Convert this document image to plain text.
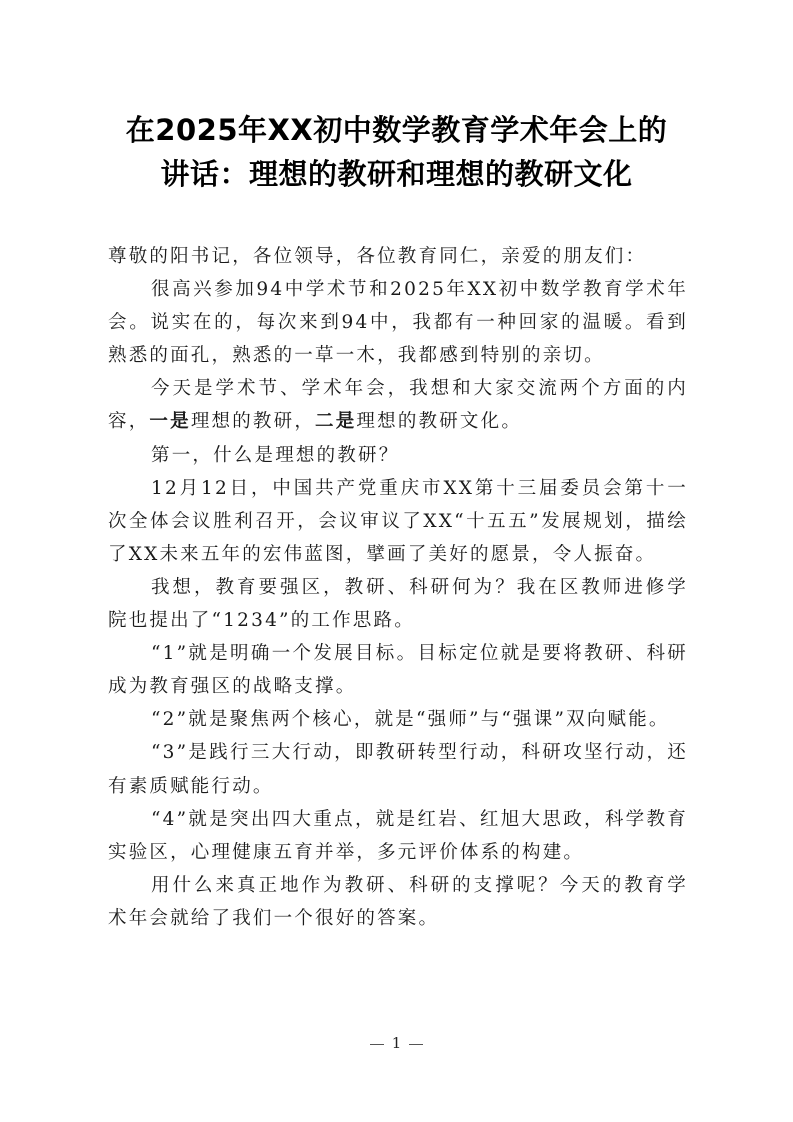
在2025年XX初中数学教育学术年会上的
讲话：理想的教研和理想的教研文化

尊敬的阳书记，各位领导，各位教育同仁，亲爱的朋友们：

很高兴参加94中学术节和2025年XX初中数学教育学术年会。说实在的，每次来到94中，我都有一种回家的温暖。看到熟悉的面孔，熟悉的一草一木，我都感到特别的亲切。

今天是学术节、学术年会，我想和大家交流两个方面的内容，一是理想的教研，二是理想的教研文化。

第一，什么是理想的教研？

12月12日，中国共产党重庆市XX第十三届委员会第十一次全体会议胜利召开，会议审议了XX“十五五”发展规划，描绘了XX未来五年的宏伟蓝图，擘画了美好的愿景，令人振奋。

我想，教育要强区，教研、科研何为？我在区教师进修学院也提出了“1234”的工作思路。

“1”就是明确一个发展目标。目标定位就是要将教研、科研成为教育强区的战略支撑。

“2”就是聚焦两个核心，就是“强师”与“强课”双向赋能。

“3”是践行三大行动，即教研转型行动，科研攻坚行动，还有素质赋能行动。

“4”就是突出四大重点，就是红岩、红旭大思政，科学教育实验区，心理健康五育并举，多元评价体系的构建。

用什么来真正地作为教研、科研的支撑呢？今天的教育学术年会就给了我们一个很好的答案。

1
